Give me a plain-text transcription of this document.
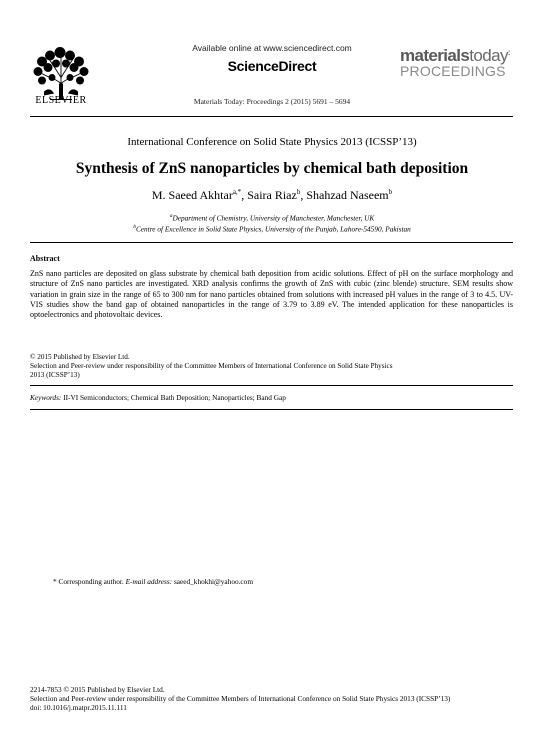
ELSEVIER
Available online at www.sciencedirect.com
ScienceDirect
Materials Today: Proceedings 2 (2015) 5691 – 5694
materialstoday:
PROCEEDINGS
International Conference on Solid State Physics 2013 (ICSSP’13)
Synthesis of ZnS nanoparticles by chemical bath deposition
M. Saeed Akhtar$^{a,*}$, Saira Riaz$^b$, Shahzad Naseem$^b$
$^a$Department of Chemistry, University of Manchester, Manchester, UK
$^b$Centre of Excellence in Solid State Physics, University of the Punjab, Lahore-54590, Pakistan
Abstract
ZnS nano particles are deposited on glass substrate by chemical bath deposition from acidic solutions. Effect of pH on the surface morphology and structure of ZnS nano particles are investigated. XRD analysis confirms the growth of ZnS with cubic (zinc blende) structure. SEM results show variation in grain size in the range of 65 to 300 nm for nano particles obtained from solutions with increased pH values in the range of 3 to 4.5. UV-VIS studies show the band gap of obtained nanoparticles in the range of 3.79 to 3.89 eV. The intended application for these nanoparticles is optoelectronics and photovoltaic devices.
© 2015 Published by Elsevier Ltd.
Selection and Peer-review under responsibility of the Committee Members of International Conference on Solid State Physics
2013 (ICSSP’13)
Keywords: II-VI Semiconductors; Chemical Bath Deposition; Nanoparticles; Band Gap
* Corresponding author. E-mail address: saeed_khokhi@yahoo.com
2214-7853 © 2015 Published by Elsevier Ltd.
Selection and Peer-review under responsibility of the Committee Members of International Conference on Solid State Physics 2013 (ICSSP’13)
doi: 10.1016/j.matpr.2015.11.111
